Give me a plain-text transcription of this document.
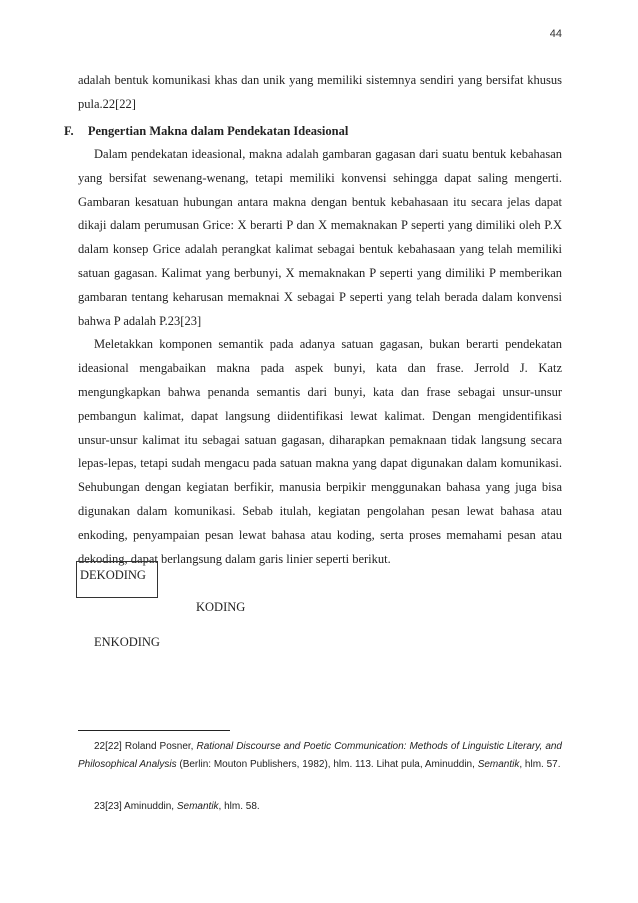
44

adalah bentuk komunikasi khas dan unik yang memiliki sistemnya sendiri yang bersifat khusus pula.22[22]

F. Pengertian Makna dalam Pendekatan Ideasional

Dalam pendekatan ideasional, makna adalah gambaran gagasan dari suatu bentuk kebahasan yang bersifat sewenang-wenang, tetapi memiliki konvensi sehingga dapat saling mengerti. Gambaran kesatuan hubungan antara makna dengan bentuk kebahasaan itu secara jelas dapat dikaji dalam perumusan Grice: X berarti P dan X memaknakan P seperti yang dimiliki oleh P.X dalam konsep Grice adalah perangkat kalimat sebagai bentuk kebahasaan yang telah memiliki satuan gagasan. Kalimat yang berbunyi, X memaknakan P seperti yang dimiliki P memberikan gambaran tentang keharusan memaknai X sebagai P seperti yang telah berada dalam konvensi bahwa P adalah P.23[23]

Meletakkan komponen semantik pada adanya satuan gagasan, bukan berarti pendekatan ideasional mengabaikan makna pada aspek bunyi, kata dan frase. Jerrold J. Katz mengungkapkan bahwa penanda semantis dari bunyi, kata dan frase sebagai unsur-unsur pembangun kalimat, dapat langsung diidentifikasi lewat kalimat. Dengan mengidentifikasi unsur-unsur kalimat itu sebagai satuan gagasan, diharapkan pemaknaan tidak langsung secara lepas-lepas, tetapi sudah mengacu pada satuan makna yang dapat digunakan dalam komunikasi. Sehubungan dengan kegiatan berfikir, manusia berpikir menggunakan bahasa yang juga bisa digunakan dalam komunikasi. Sebab itulah, kegiatan pengolahan pesan lewat bahasa atau enkoding, penyampaian pesan lewat bahasa atau koding, serta proses memahami pesan atau dekoding, dapat berlangsung dalam garis linier seperti berikut.

DEKODING
KODING
ENKODING

22[22] Roland Posner, Rational Discourse and Poetic Communication: Methods of Linguistic Literary, and Philosophical Analysis (Berlin: Mouton Publishers, 1982), hlm. 113. Lihat pula, Aminuddin, Semantik, hlm. 57.

23[23] Aminuddin, Semantik, hlm. 58.
